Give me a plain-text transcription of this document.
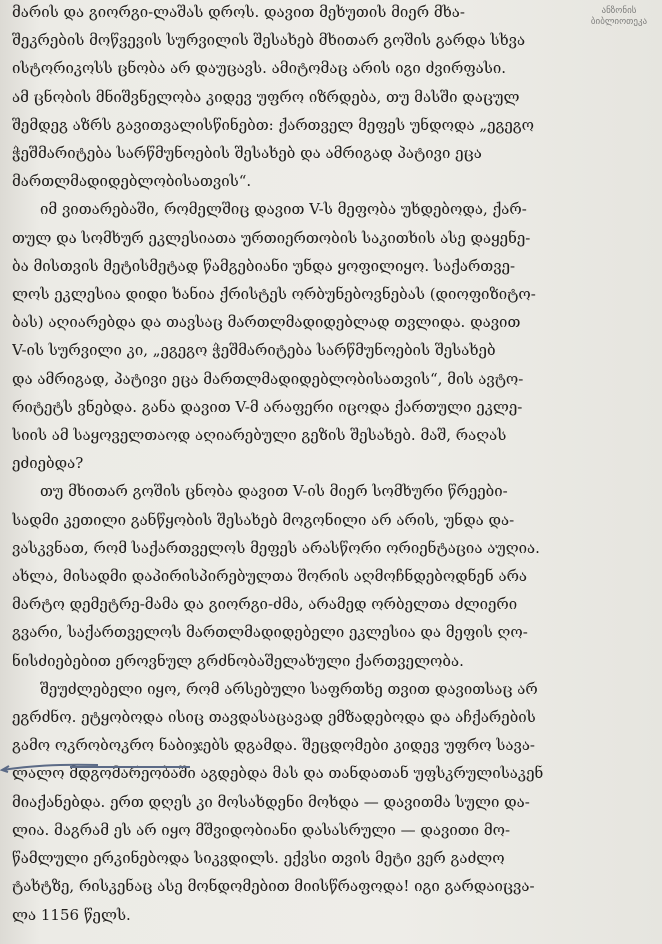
ანზონის
ბიბლიოთეკა

მარის და გიორგი-ლაშას დროს. დავით მეხუთის მიერ მხა-
შეკრების მოწვევის სურვილის შესახებ მხითარ გოშის გარდა სხვა
ისტორიკოსს ცნობა არ დაუცავს. ამიტომაც არის იგი ძვირფასი.
ამ ცნობის მნიშვნელობა კიდევ უფრო იზრდება, თუ მასში დაცულ
შემდეგ აზრს გავითვალისწინებთ: ქართველ მეფეს უნდოდა „ეგეგო
ჭეშმარიტება სარწმუნოების შესახებ და ამრიგად პატივი ეცა
მართლმადიდებლობისათვის“.

იმ ვითარებაში, რომელშიც დავით V-ს მეფობა უხდებოდა, ქარ-
თულ და სომხურ ეკლესიათა ურთიერთობის საკითხის ასე დაყენე-
ბა მისთვის მეტისმეტად წამგებიანი უნდა ყოფილიყო. საქართვე-
ლოს ეკლესია დიდი ხანია ქრისტეს ორბუნებოვნებას (დიოფიზიტო-
ბას) აღიარებდა და თავსაც მართლმადიდებლად თვლიდა. დავით
V-ის სურვილი კი, „ეგეგო ჭეშმარიტება სარწმუნოების შესახებ
და ამრიგად, პატივი ეცა მართლმადიდებლობისათვის“, მის ავტო-
რიტეტს ვნებდა. განა დავით V-მ არაფერი იცოდა ქართული ეკლე-
სიის ამ საყოველთაოდ აღიარებული გეზის შესახებ. მაშ, რაღას
ეძიებდა?

თუ მხითარ გოშის ცნობა დავით V-ის მიერ სომხური წრეები-
სადმი კეთილი განწყობის შესახებ მოგონილი არ არის, უნდა და-
ვასკვნათ, რომ საქართველოს მეფეს არასწორი ორიენტაცია აუღია.
ახლა, მისადმი დაპირისპირებულთა შორის აღმოჩნდებოდნენ არა
მარტო დემეტრე-მამა და გიორგი-ძმა, არამედ ორბელთა ძლიერი
გვარი, საქართველოს მართლმადიდებელი ეკლესია და მეფის ღო-
ნისძიებებით ეროვნულ გრძნობაშელახული ქართველობა.

შეუძლებელი იყო, რომ არსებული საფრთხე თვით დავითსაც არ
ეგრძნო. ეტყობოდა ისიც თავდასაცავად ემზადებოდა და აჩქარების
გამო ოკრობოკრო ნაბიჯებს დგამდა. შეცდომები კიდევ უფრო სავა-
ლალო მდგომარეობაში აგდებდა მას და თანდათან უფსკრულისაკენ
მიაქანებდა. ერთ დღეს კი მოსახდენი მოხდა — დავითმა სული და-
ლია. მაგრამ ეს არ იყო მშვიდობიანი დასასრული — დავითი მო-
წამლული ერკინებოდა სიკვდილს. ექვსი თვის მეტი ვერ გაძლო
ტახტზე, რისკენაც ასე მონდომებით მიისწრაფოდა! იგი გარდაიცვა-
ლა 1156 წელს.
